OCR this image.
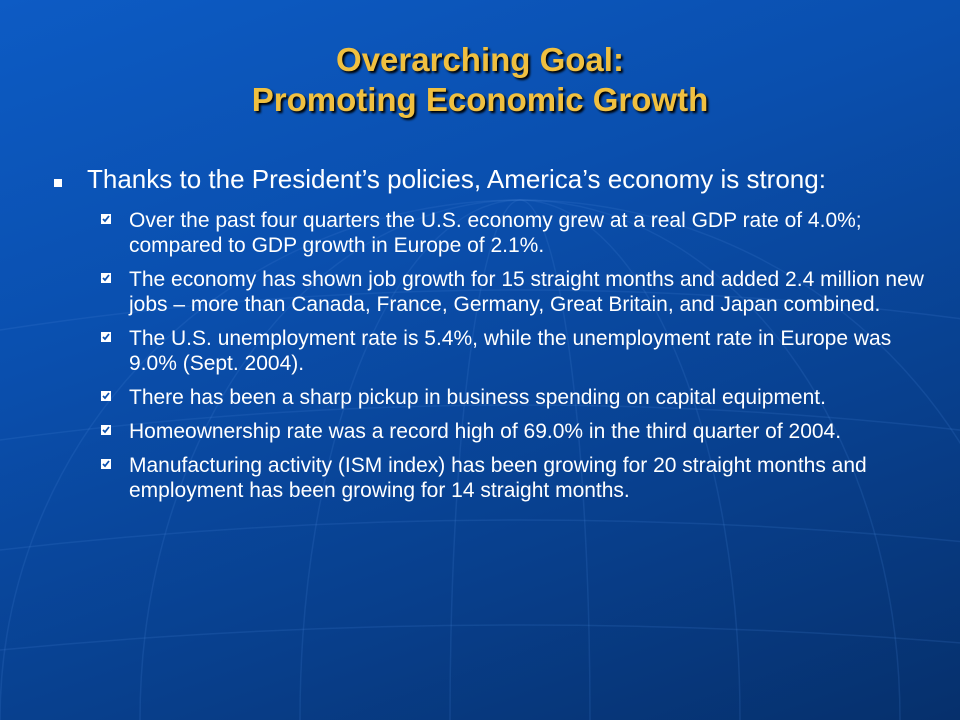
Overarching Goal:
Promoting Economic Growth
Thanks to the President’s policies, America’s economy is strong:
Over the past four quarters the U.S. economy grew at a real GDP rate of 4.0%; compared to GDP growth in Europe of 2.1%.
The economy has shown job growth for 15 straight months and added 2.4 million new jobs – more than Canada, France, Germany, Great Britain, and Japan combined.
The U.S. unemployment rate is 5.4%, while the unemployment rate in Europe was 9.0% (Sept. 2004).
There has been a sharp pickup in business spending on capital equipment.
Homeownership rate was a record high of 69.0% in the third quarter of 2004.
Manufacturing activity (ISM index) has been growing for 20 straight months and employment has been growing for 14 straight months.
